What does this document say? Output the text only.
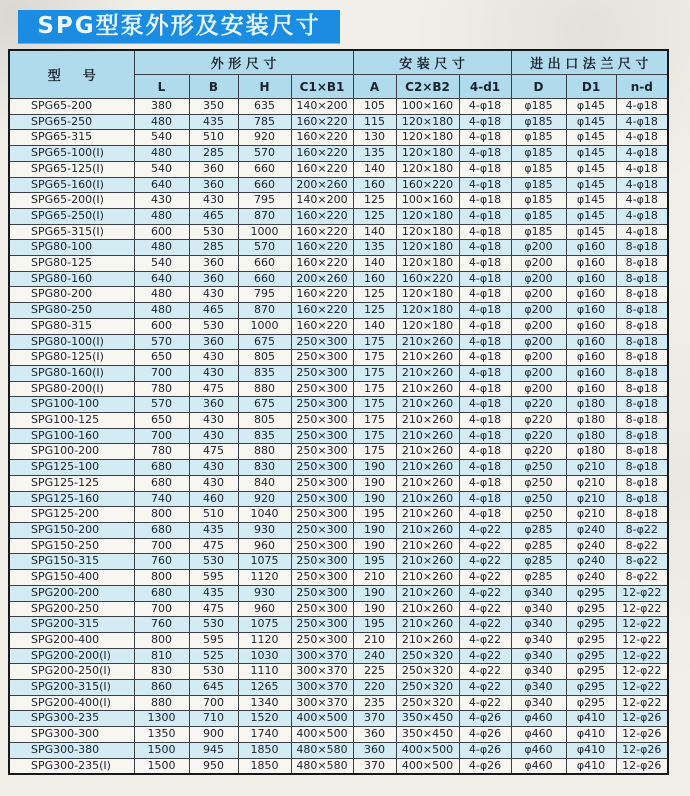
SPG型泵外形及安装尺寸
型号	外形尺寸				安装尺寸			进出口法兰尺寸		
	L	B	H	C1×B1	A	C2×B2	4-d1	D	D1	n-d
SPG65-200	380	350	635	140×200	105	100×160	4-φ18	φ185	φ145	4-φ18
SPG65-250	480	435	785	160×220	115	120×180	4-φ18	φ185	φ145	4-φ18
SPG65-315	540	510	920	160×220	130	120×180	4-φ18	φ185	φ145	4-φ18
SPG65-100(I)	480	285	570	160×220	135	120×180	4-φ18	φ185	φ145	4-φ18
SPG65-125(I)	540	360	660	160×220	140	120×180	4-φ18	φ185	φ145	4-φ18
SPG65-160(I)	640	360	660	200×260	160	160×220	4-φ18	φ185	φ145	4-φ18
SPG65-200(I)	430	430	795	140×200	125	100×160	4-φ18	φ185	φ145	4-φ18
SPG65-250(I)	480	465	870	160×220	125	120×180	4-φ18	φ185	φ145	4-φ18
SPG65-315(I)	600	530	1000	160×220	140	120×180	4-φ18	φ185	φ145	4-φ18
SPG80-100	480	285	570	160×220	135	120×180	4-φ18	φ200	φ160	8-φ18
SPG80-125	540	360	660	160×220	140	120×180	4-φ18	φ200	φ160	8-φ18
SPG80-160	640	360	660	200×260	160	160×220	4-φ18	φ200	φ160	8-φ18
SPG80-200	480	430	795	160×220	125	120×180	4-φ18	φ200	φ160	8-φ18
SPG80-250	480	465	870	160×220	125	120×180	4-φ18	φ200	φ160	8-φ18
SPG80-315	600	530	1000	160×220	140	120×180	4-φ18	φ200	φ160	8-φ18
SPG80-100(I)	570	360	675	250×300	175	210×260	4-φ18	φ200	φ160	8-φ18
SPG80-125(I)	650	430	805	250×300	175	210×260	4-φ18	φ200	φ160	8-φ18
SPG80-160(I)	700	430	835	250×300	175	210×260	4-φ18	φ200	φ160	8-φ18
SPG80-200(I)	780	475	880	250×300	175	210×260	4-φ18	φ200	φ160	8-φ18
SPG100-100	570	360	675	250×300	175	210×260	4-φ18	φ220	φ180	8-φ18
SPG100-125	650	430	805	250×300	175	210×260	4-φ18	φ220	φ180	8-φ18
SPG100-160	700	430	835	250×300	175	210×260	4-φ18	φ220	φ180	8-φ18
SPG100-200	780	475	880	250×300	175	210×260	4-φ18	φ220	φ180	8-φ18
SPG125-100	680	430	830	250×300	190	210×260	4-φ18	φ250	φ210	8-φ18
SPG125-125	680	430	840	250×300	190	210×260	4-φ18	φ250	φ210	8-φ18
SPG125-160	740	460	920	250×300	190	210×260	4-φ18	φ250	φ210	8-φ18
SPG125-200	800	510	1040	250×300	195	210×260	4-φ18	φ250	φ210	8-φ18
SPG150-200	680	435	930	250×300	190	210×260	4-φ22	φ285	φ240	8-φ22
SPG150-250	700	475	960	250×300	190	210×260	4-φ22	φ285	φ240	8-φ22
SPG150-315	760	530	1075	250×300	195	210×260	4-φ22	φ285	φ240	8-φ22
SPG150-400	800	595	1120	250×300	210	210×260	4-φ22	φ285	φ240	8-φ22
SPG200-200	680	435	930	250×300	190	210×260	4-φ22	φ340	φ295	12-φ22
SPG200-250	700	475	960	250×300	190	210×260	4-φ22	φ340	φ295	12-φ22
SPG200-315	760	530	1075	250×300	195	210×260	4-φ22	φ340	φ295	12-φ22
SPG200-400	800	595	1120	250×300	210	210×260	4-φ22	φ340	φ295	12-φ22
SPG200-200(I)	810	525	1030	300×370	240	250×320	4-φ22	φ340	φ295	12-φ22
SPG200-250(I)	830	530	1110	300×370	225	250×320	4-φ22	φ340	φ295	12-φ22
SPG200-315(I)	860	645	1265	300×370	220	250×320	4-φ22	φ340	φ295	12-φ22
SPG200-400(I)	880	700	1340	300×370	235	250×320	4-φ22	φ340	φ295	12-φ22
SPG300-235	1300	710	1520	400×500	370	350×450	4-φ26	φ460	φ410	12-φ26
SPG300-300	1350	900	1740	400×500	360	350×450	4-φ26	φ460	φ410	12-φ26
SPG300-380	1500	945	1850	480×580	360	400×500	4-φ26	φ460	φ410	12-φ26
SPG300-235(I)	1500	950	1850	480×580	370	400×500	4-φ26	φ460	φ410	12-φ26
